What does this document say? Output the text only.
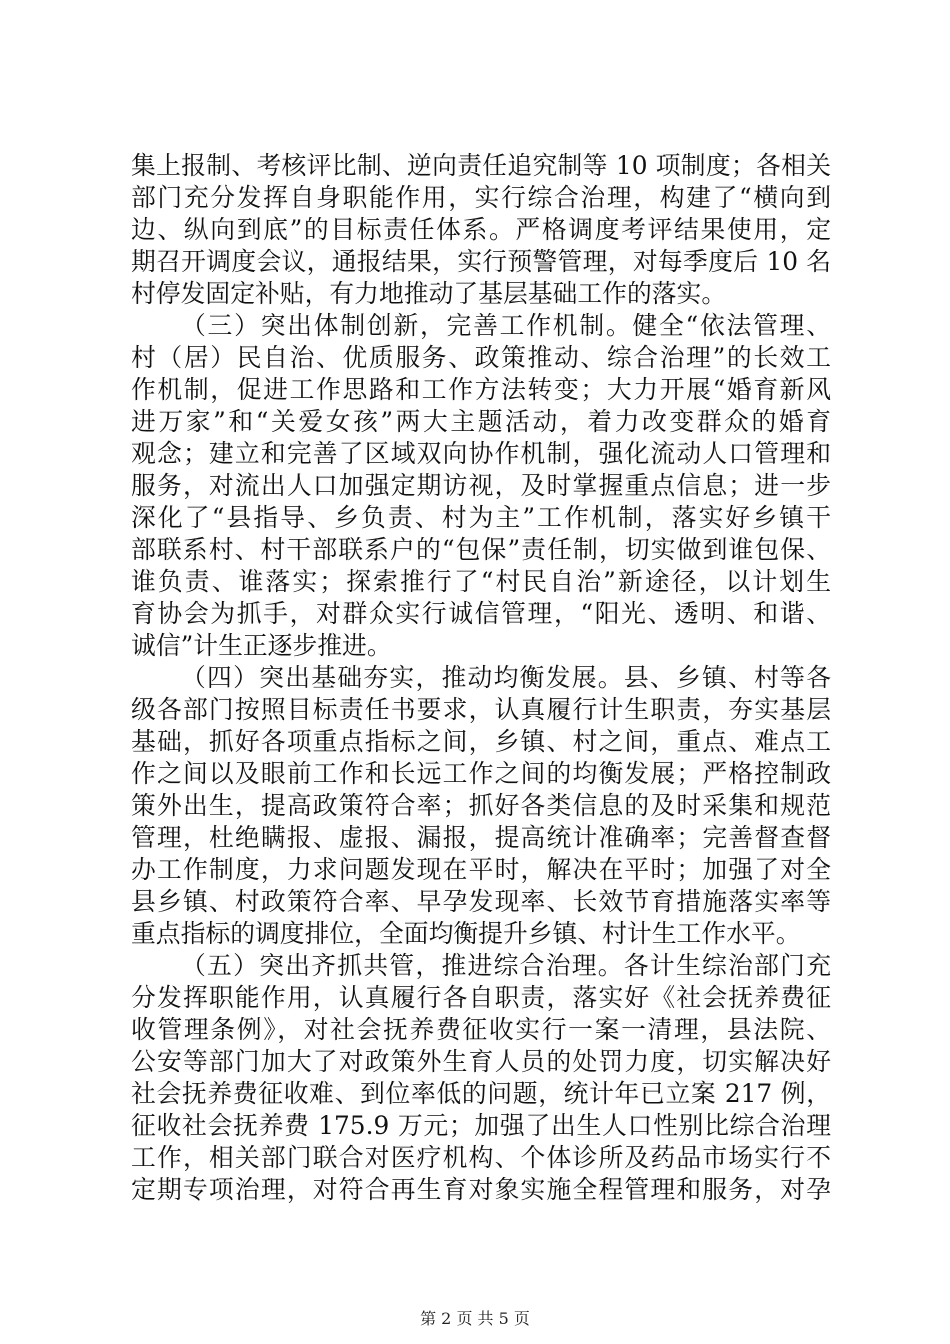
集上报制、考核评比制、逆向责任追究制等 10 项制度；各相关
部门充分发挥自身职能作用，实行综合治理，构建了“横向到
边、纵向到底”的目标责任体系。严格调度考评结果使用，定
期召开调度会议，通报结果，实行预警管理，对每季度后 10 名
村停发固定补贴，有力地推动了基层基础工作的落实。
（三）突出体制创新，完善工作机制。健全“依法管理、
村（居）民自治、优质服务、政策推动、综合治理”的长效工
作机制，促进工作思路和工作方法转变；大力开展“婚育新风
进万家”和“关爱女孩”两大主题活动，着力改变群众的婚育
观念；建立和完善了区域双向协作机制，强化流动人口管理和
服务，对流出人口加强定期访视，及时掌握重点信息；进一步
深化了“县指导、乡负责、村为主”工作机制，落实好乡镇干
部联系村、村干部联系户的“包保”责任制，切实做到谁包保、
谁负责、谁落实；探索推行了“村民自治”新途径，以计划生
育协会为抓手，对群众实行诚信管理，“阳光、透明、和谐、
诚信”计生正逐步推进。
（四）突出基础夯实，推动均衡发展。县、乡镇、村等各
级各部门按照目标责任书要求，认真履行计生职责，夯实基层
基础，抓好各项重点指标之间，乡镇、村之间，重点、难点工
作之间以及眼前工作和长远工作之间的均衡发展；严格控制政
策外出生，提高政策符合率；抓好各类信息的及时采集和规范
管理，杜绝瞒报、虚报、漏报，提高统计准确率；完善督查督
办工作制度，力求问题发现在平时，解决在平时；加强了对全
县乡镇、村政策符合率、早孕发现率、长效节育措施落实率等
重点指标的调度排位，全面均衡提升乡镇、村计生工作水平。
（五）突出齐抓共管，推进综合治理。各计生综治部门充
分发挥职能作用，认真履行各自职责，落实好《社会抚养费征
收管理条例》，对社会抚养费征收实行一案一清理，县法院、
公安等部门加大了对政策外生育人员的处罚力度，切实解决好
社会抚养费征收难、到位率低的问题，统计年已立案 217 例，
征收社会抚养费 175.9 万元；加强了出生人口性别比综合治理
工作，相关部门联合对医疗机构、个体诊所及药品市场实行不
定期专项治理，对符合再生育对象实施全程管理和服务，对孕
第 2 页 共 5 页
